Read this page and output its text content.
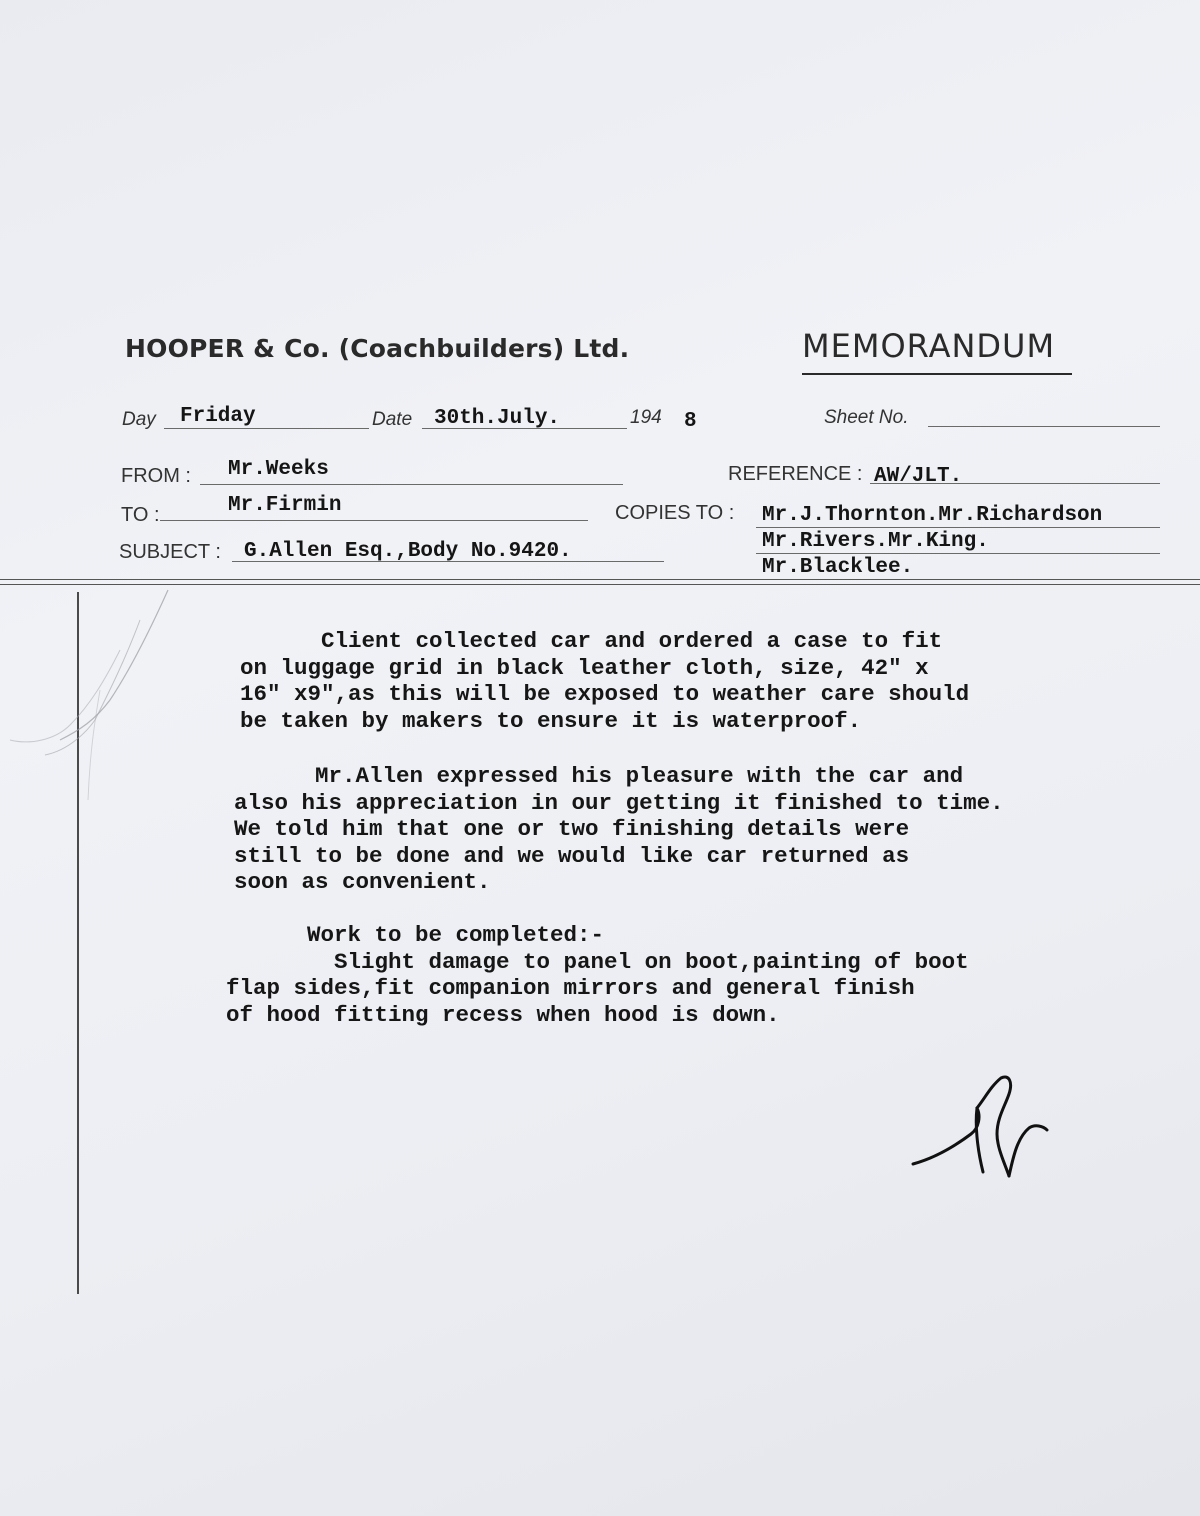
HOOPER & Co. (Coachbuilders) Ltd.	MEMORANDUM
Day Friday	Date 30th.July.	194 8	Sheet No.
FROM : Mr.Weeks	REFERENCE : AW/JLT.
TO :	Mr.Firmin	COPIES TO : Mr.J.Thornton.Mr.Richardson
Mr.Rivers.Mr.King.
Mr.Blacklee.
SUBJECT : G.Allen Esq.,Body No.9420.
Client collected car and ordered a case to fit
on luggage grid in black leather cloth, size, 42" x
16" x9",as this will be exposed to weather care should
be taken by makers to ensure it is waterproof.
Mr.Allen expressed his pleasure with the car and
also his appreciation in our getting it finished to time.
We told him that one or two finishing details were
still to be done and we would like car returned as
soon as convenient.
Work to be completed:-
Slight damage to panel on boot,painting of boot
flap sides,fit companion mirrors and general finish
of hood fitting recess when hood is down.
